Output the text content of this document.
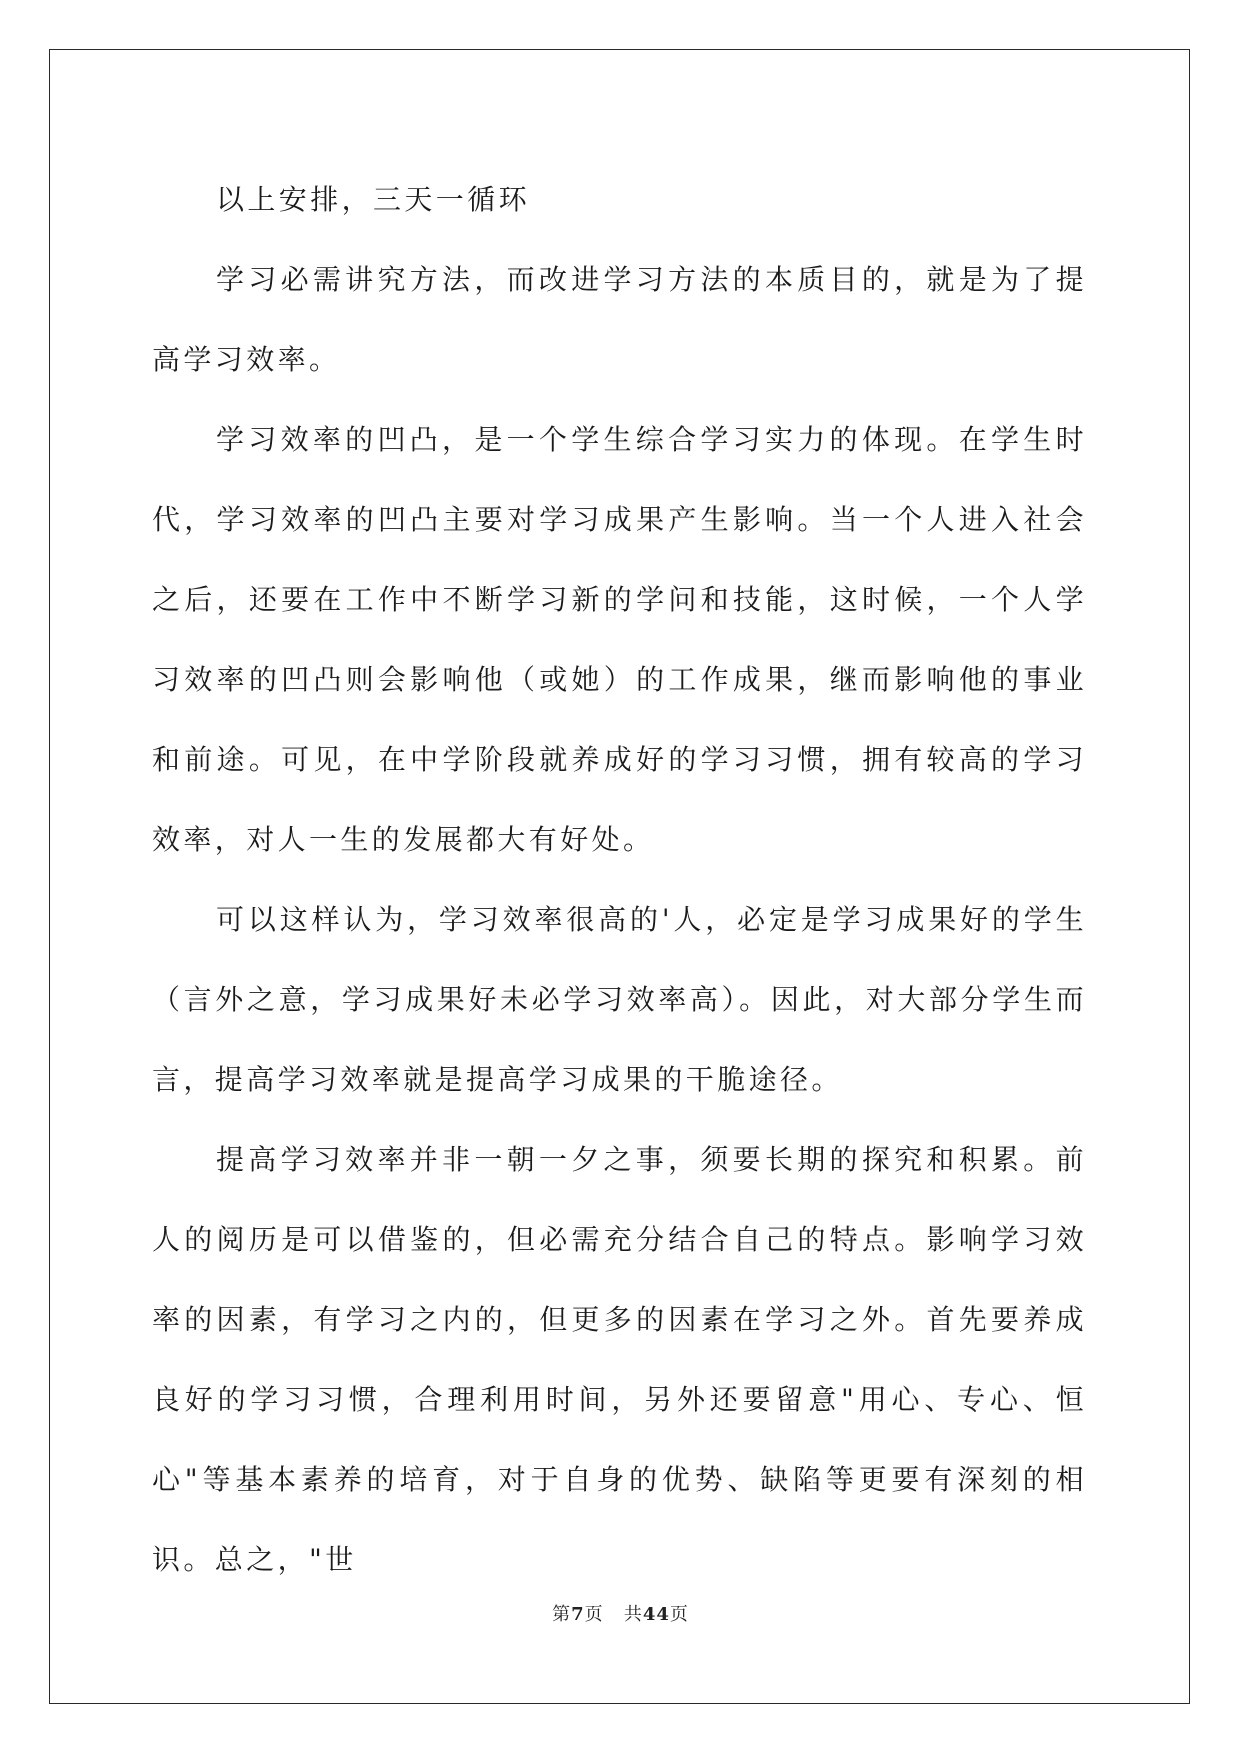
以上安排，三天一循环

学习必需讲究方法，而改进学习方法的本质目的，就是为了提高学习效率。

学习效率的凹凸，是一个学生综合学习实力的体现。在学生时代，学习效率的凹凸主要对学习成果产生影响。当一个人进入社会之后，还要在工作中不断学习新的学问和技能，这时候，一个人学习效率的凹凸则会影响他（或她）的工作成果，继而影响他的事业和前途。可见，在中学阶段就养成好的学习习惯，拥有较高的学习效率，对人一生的发展都大有好处。

可以这样认为，学习效率很高的'人，必定是学习成果好的学生（言外之意，学习成果好未必学习效率高）。因此，对大部分学生而言，提高学习效率就是提高学习成果的干脆途径。

提高学习效率并非一朝一夕之事，须要长期的探究和积累。前人的阅历是可以借鉴的，但必需充分结合自己的特点。影响学习效率的因素，有学习之内的，但更多的因素在学习之外。首先要养成良好的学习习惯，合理利用时间，另外还要留意"用心、专心、恒心"等基本素养的培育，对于自身的优势、缺陷等更要有深刻的相识。总之，"世

第7页 共44页
